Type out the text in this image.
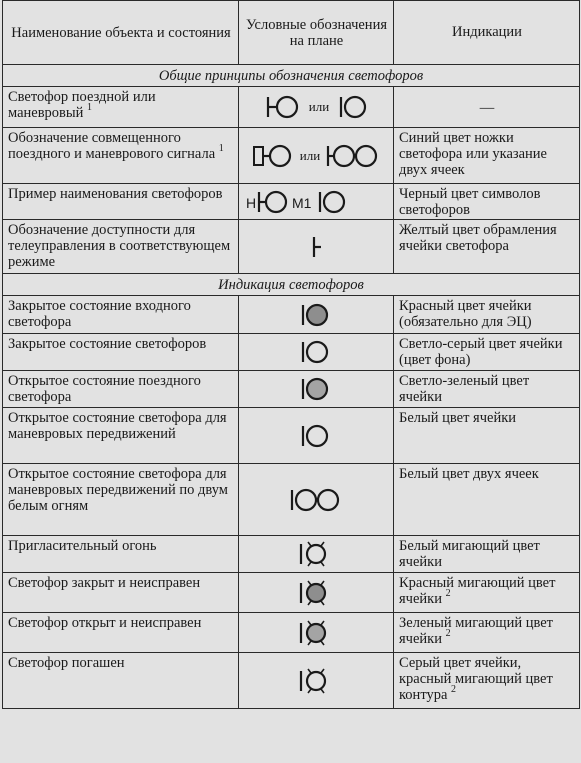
Наименование объекта и состояния	Условные обозначения на плане	Индикации
Общие принципы обозначения светофоров		
Светофор поездной или маневровый $^1$	или	—
Обозначение совмещенного поездного и маневрового сигнала $^1$	или	Синий цвет ножки светофора или указание двух ячеек
Пример наименования светофоров	Н М1	Черный цвет символов светофоров
Обозначение доступности для телеуправления в соответствующем режиме		Желтый цвет обрамления ячейки светофора
Индикация светофоров		
Закрытое состояние входного светофора		Красный цвет ячейки (обязательно для ЭЦ)
Закрытое состояние светофоров		Светло-серый цвет ячейки (цвет фона)
Открытое состояние поездного светофора		Светло-зеленый цвет ячейки
Открытое состояние светофора для маневровых передвижений		Белый цвет ячейки
Открытое состояние светофора для маневровых передвижений по двум белым огням		Белый цвет двух ячеек
Пригласительный огонь		Белый мигающий цвет ячейки
Светофор закрыт и неисправен		Красный мигающий цвет ячейки $^2$
Светофор открыт и неисправен		Зеленый мигающий цвет ячейки $^2$
Светофор погашен		Серый цвет ячейки, красный мигающий цвет контура $^2$
